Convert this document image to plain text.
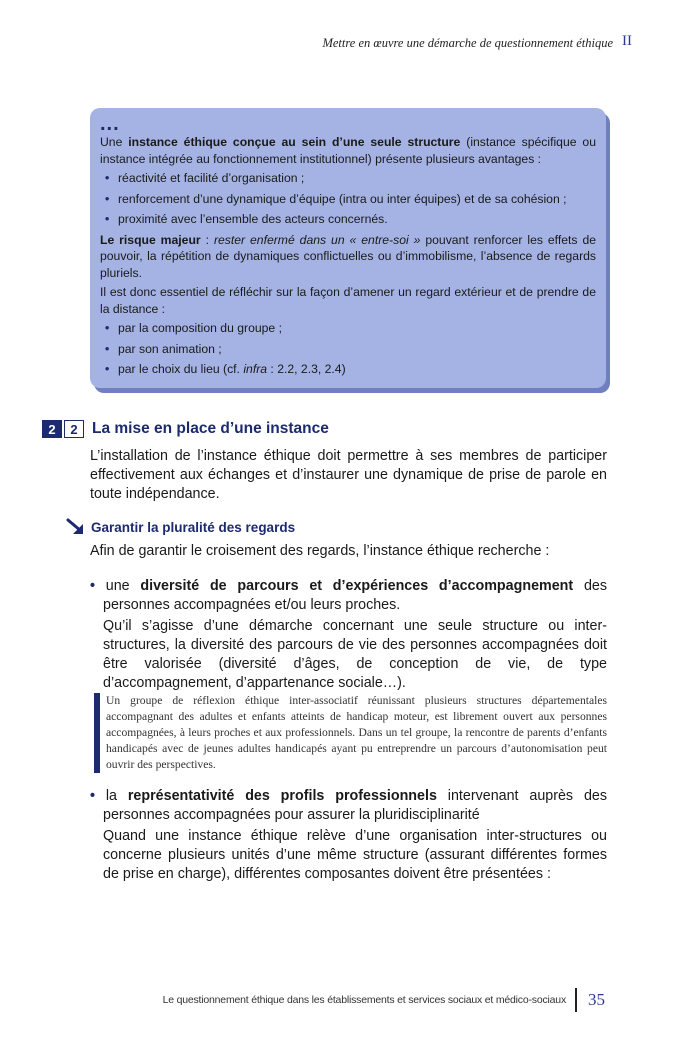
Mettre en œuvre une démarche de questionnement éthique II
...

Une instance éthique conçue au sein d’une seule structure (instance spécifique ou instance intégrée au fonctionnement institutionnel) présente plusieurs avantages :

• réactivité et facilité d’organisation ;
• renforcement d’une dynamique d’équipe (intra ou inter équipes) et de sa cohésion ;
• proximité avec l’ensemble des acteurs concernés.

Le risque majeur : rester enfermé dans un « entre-soi » pouvant renforcer les effets de pouvoir, la répétition de dynamiques conflictuelles ou d’immobilisme, l’absence de regards pluriels.

Il est donc essentiel de réfléchir sur la façon d’amener un regard extérieur et de prendre de la distance :

• par la composition du groupe ;
• par son animation ;
• par le choix du lieu (cf. infra : 2.2, 2.3, 2.4)
2	2 La mise en place d’une instance

L’installation de l’instance éthique doit permettre à ses membres de participer effectivement aux échanges et d’instaurer une dynamique de prise de parole en toute indépendance.

Garantir la pluralité des regards

Afin de garantir le croisement des regards, l’instance éthique recherche :

• une diversité de parcours et d’expériences d’accompagnement des personnes accompagnées et/ou leurs proches.

Qu’il s’agisse d’une démarche concernant une seule structure ou inter-structures, la diversité des parcours de vie des personnes accompagnées doit être valorisée (diversité d’âges, de conception de vie, de type d’accompagnement, d’appartenance sociale…).

Un groupe de réflexion éthique inter-associatif réunissant plusieurs structures départementales accompagnant des adultes et enfants atteints de handicap moteur, est librement ouvert aux personnes accompagnées, à leurs proches et aux professionnels. Dans un tel groupe, la rencontre de parents d’enfants handicapés avec de jeunes adultes handicapés ayant pu entreprendre un parcours d’autonomisation peut ouvrir des perspectives.

• la représentativité des profils professionnels intervenant auprès des personnes accompagnées pour assurer la pluridisciplinarité

Quand une instance éthique relève d’une organisation inter-structures ou concerne plusieurs unités d’une même structure (assurant différentes formes de prise en charge), différentes composantes doivent être présentées :

Le questionnement éthique dans les établissements et services sociaux et médico-sociaux 35
